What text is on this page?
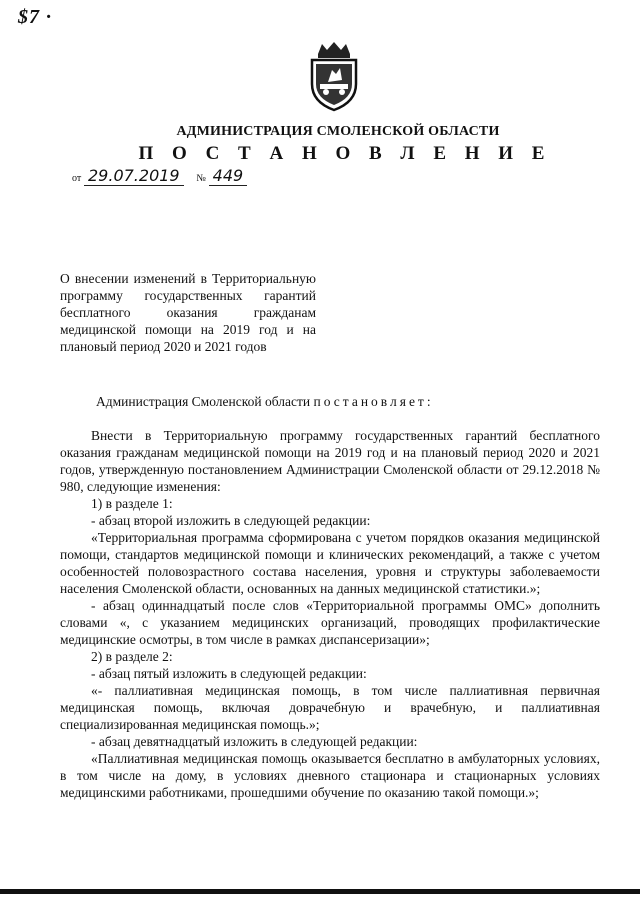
$7 ·
АДМИНИСТРАЦИЯ СМОЛЕНСКОЙ ОБЛАСТИ
П О С Т А Н О В Л Е Н И Е
от 29.07.2019 № 449
О внесении изменений в Территориальную программу государственных гарантий бесплатного оказания гражданам медицинской помощи на 2019 год и на плановый период 2020 и 2021 годов
Администрация Смоленской области постановляет:

Внести в Территориальную программу государственных гарантий бесплатного оказания гражданам медицинской помощи на 2019 год и на плановый период 2020 и 2021 годов, утвержденную постановлением Администрации Смоленской области от 29.12.2018 № 980, следующие изменения:

1) в разделе 1:

- абзац второй изложить в следующей редакции:

«Территориальная программа сформирована с учетом порядков оказания медицинской помощи, стандартов медицинской помощи и клинических рекомендаций, а также с учетом особенностей половозрастного состава населения, уровня и структуры заболеваемости населения Смоленской области, основанных на данных медицинской статистики.»;

- абзац одиннадцатый после слов «Территориальной программы ОМС» дополнить словами «, с указанием медицинских организаций, проводящих профилактические медицинские осмотры, в том числе в рамках диспансеризации»;

2) в разделе 2:

- абзац пятый изложить в следующей редакции:

«- паллиативная медицинская помощь, в том числе паллиативная первичная медицинская помощь, включая доврачебную и врачебную, и паллиативная специализированная медицинская помощь.»;

- абзац девятнадцатый изложить в следующей редакции:

«Паллиативная медицинская помощь оказывается бесплатно в амбулаторных условиях, в том числе на дому, в условиях дневного стационара и стационарных условиях медицинскими работниками, прошедшими обучение по оказанию такой помощи.»;
